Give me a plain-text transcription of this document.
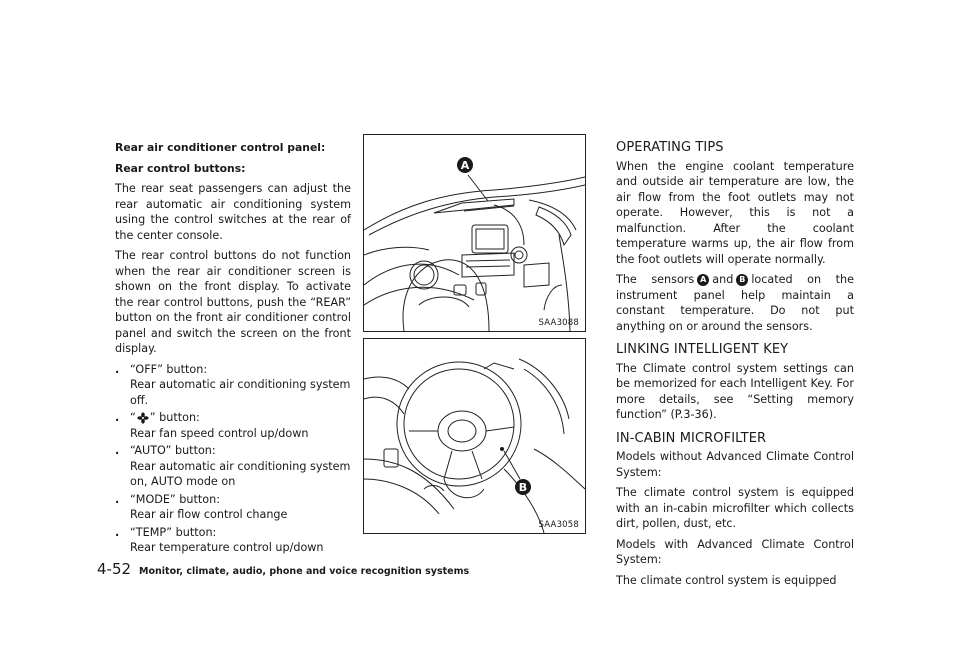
Rear air conditioner control panel:

Rear control buttons:

The rear seat passengers can adjust the rear automatic air conditioning system using the control switches at the rear of the center console.

The rear control buttons do not function when the rear air conditioner screen is shown on the front display. To activate the rear control buttons, push the “REAR” button on the front air conditioner control panel and switch the screen on the front display.

. “OFF” button:
Rear automatic air conditioning system off.
. “ ” button:
Rear fan speed control up/down
. “AUTO” button:
Rear automatic air conditioning system on, AUTO mode on
. “MODE” button:
Rear air flow control change
. “TEMP” button:
Rear temperature control up/down
A
SAA3088
B
SAA3058
OPERATING TIPS

When the engine coolant temperature and outside air temperature are low, the air flow from the foot outlets may not operate. However, this is not a malfunction. After the coolant temperature warms up, the air flow from the foot outlets will operate normally.

The sensors A and B located on the instrument panel help maintain a constant temperature. Do not put anything on or around the sensors.

LINKING INTELLIGENT KEY

The Climate control system settings can be memorized for each Intelligent Key. For more details, see “Setting memory function” (P.3-36).

IN-CABIN MICROFILTER

Models without Advanced Climate Control System:

The climate control system is equipped with an in-cabin microfilter which collects dirt, pollen, dust, etc.

Models with Advanced Climate Control System:

The climate control system is equipped

4-52 Monitor, climate, audio, phone and voice recognition systems
